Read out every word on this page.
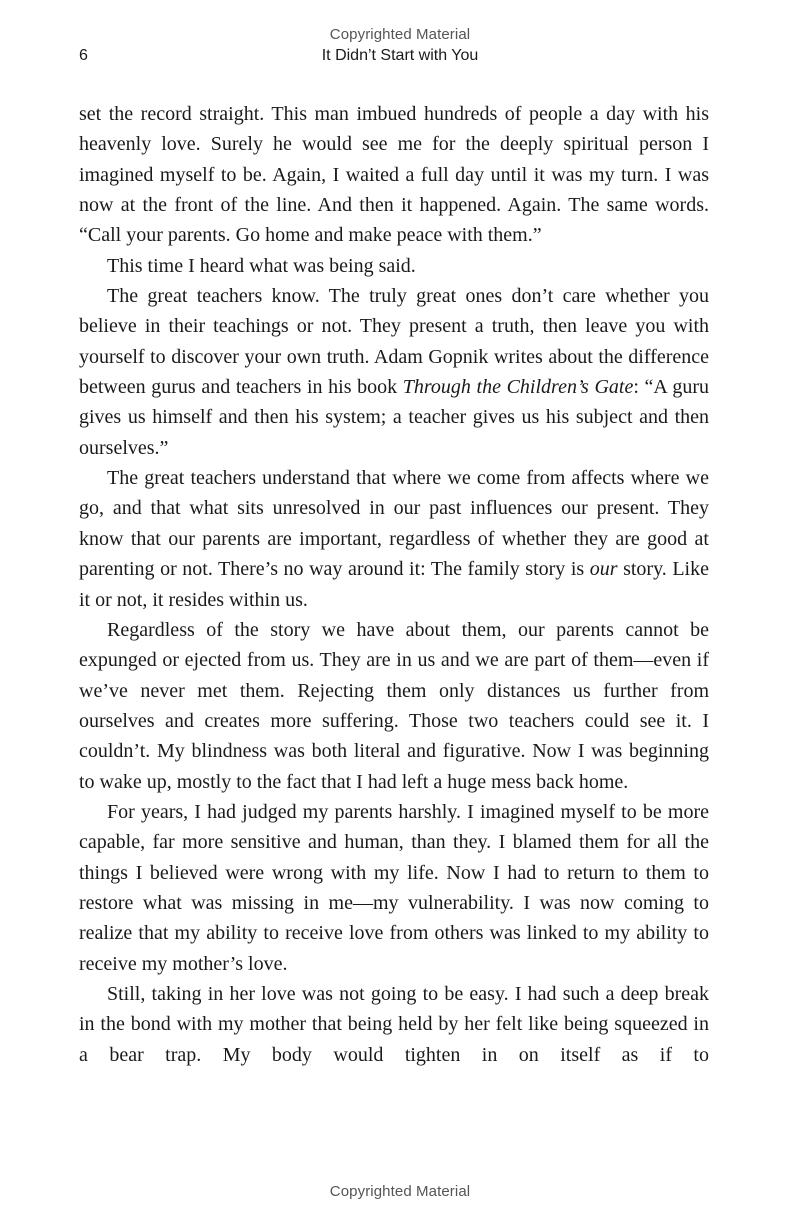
Copyrighted Material
6	It Didn’t Start with You

set the record straight. This man imbued hundreds of people a day with his heavenly love. Surely he would see me for the deeply spiritual person I imagined myself to be. Again, I waited a full day until it was my turn. I was now at the front of the line. And then it happened. Again. The same words. “Call your parents. Go home and make peace with them.”

This time I heard what was being said.

The great teachers know. The truly great ones don’t care whether you believe in their teachings or not. They present a truth, then leave you with yourself to discover your own truth. Adam Gopnik writes about the difference between gurus and teachers in his book Through the Children’s Gate: “A guru gives us himself and then his system; a teacher gives us his subject and then ourselves.”

The great teachers understand that where we come from affects where we go, and that what sits unresolved in our past influences our present. They know that our parents are important, regardless of whether they are good at parenting or not. There’s no way around it: The family story is our story. Like it or not, it resides within us.

Regardless of the story we have about them, our parents cannot be expunged or ejected from us. They are in us and we are part of them—even if we’ve never met them. Rejecting them only distances us further from ourselves and creates more suffering. Those two teachers could see it. I couldn’t. My blindness was both literal and figurative. Now I was beginning to wake up, mostly to the fact that I had left a huge mess back home.

For years, I had judged my parents harshly. I imagined myself to be more capable, far more sensitive and human, than they. I blamed them for all the things I believed were wrong with my life. Now I had to return to them to restore what was missing in me—my vulnerability. I was now coming to realize that my ability to receive love from others was linked to my ability to receive my mother’s love.

Still, taking in her love was not going to be easy. I had such a deep break in the bond with my mother that being held by her felt like being squeezed in a bear trap. My body would tighten in on itself as if to

Copyrighted Material
